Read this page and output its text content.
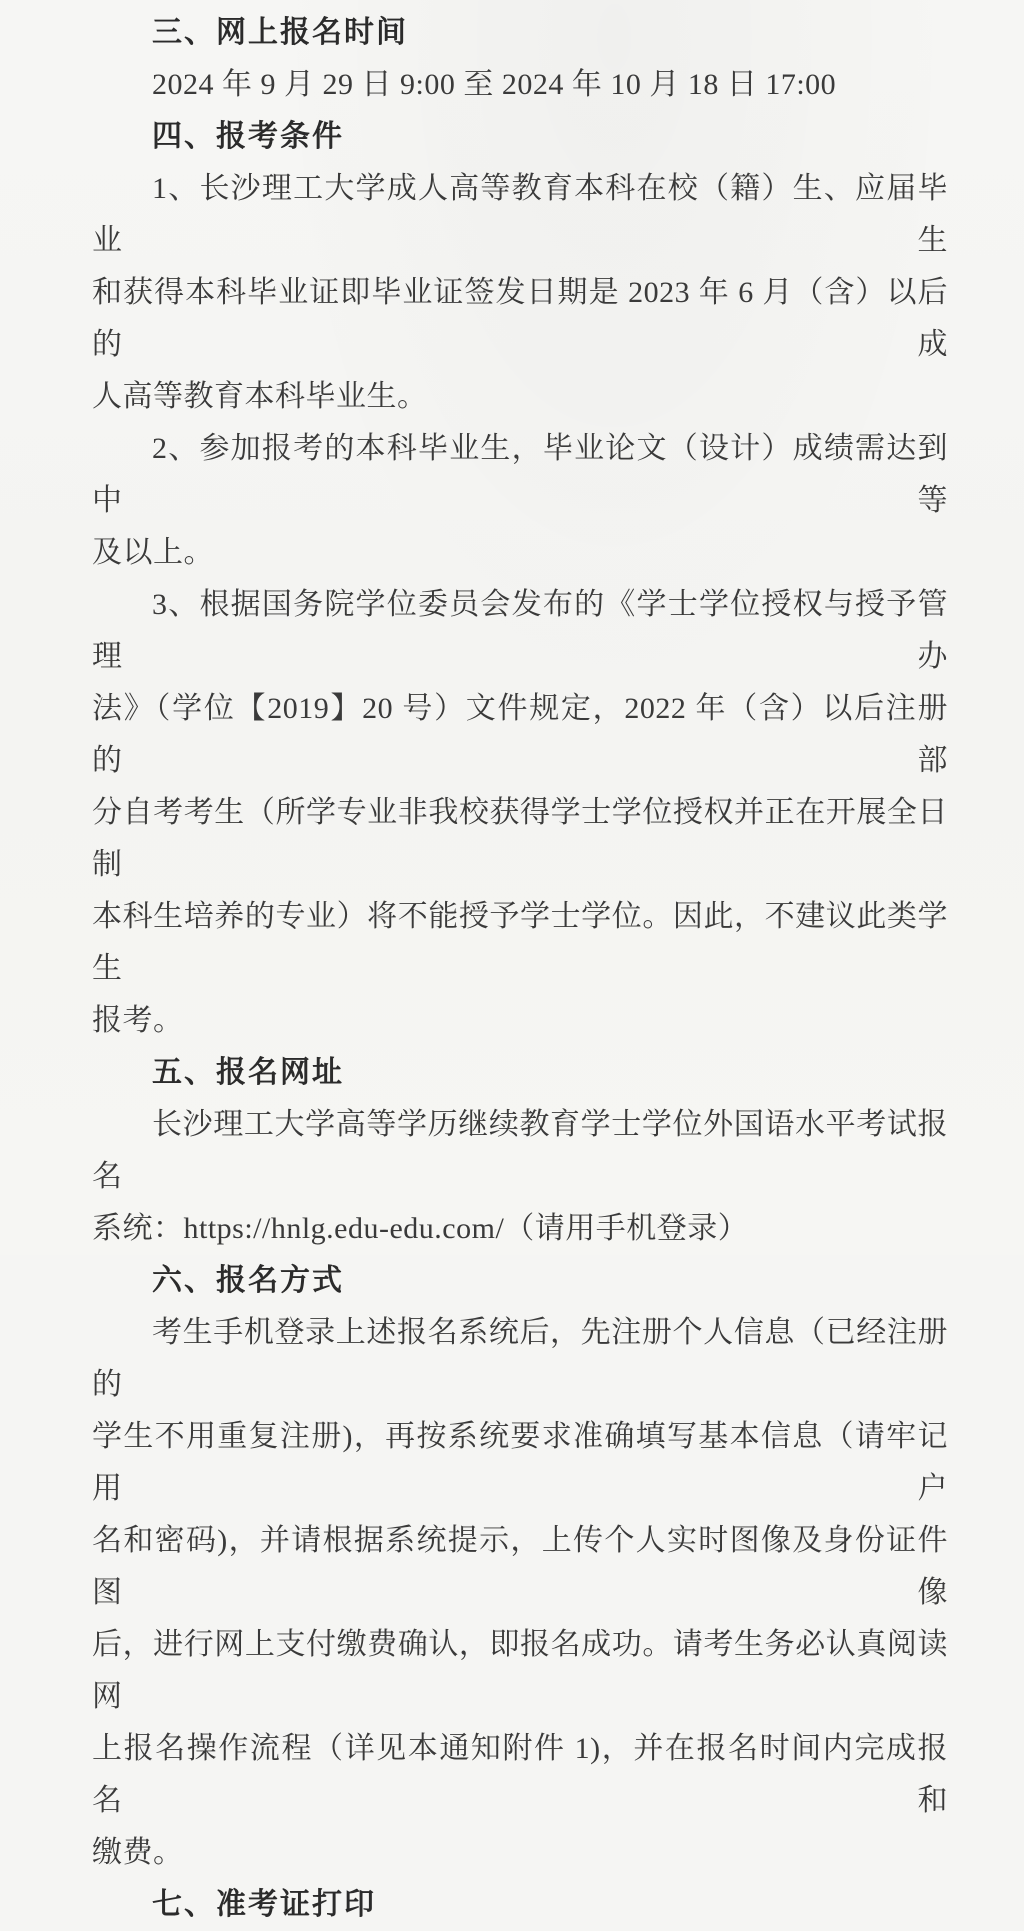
三、网上报名时间
2024 年 9 月 29 日 9:00 至 2024 年 10 月 18 日 17:00
四、报考条件
1、长沙理工大学成人高等教育本科在校（籍）生、应届毕业生
和获得本科毕业证即毕业证签发日期是 2023 年 6 月（含）以后的成
人高等教育本科毕业生。
2、参加报考的本科毕业生，毕业论文（设计）成绩需达到中等
及以上。
3、根据国务院学位委员会发布的《学士学位授权与授予管理办
法》（学位【2019】20 号）文件规定，2022 年（含）以后注册的部
分自考考生（所学专业非我校获得学士学位授权并正在开展全日制
本科生培养的专业）将不能授予学士学位。因此，不建议此类学生
报考。
五、报名网址
长沙理工大学高等学历继续教育学士学位外国语水平考试报名
系统：https://hnlg.edu-edu.com/（请用手机登录）
六、报名方式
考生手机登录上述报名系统后，先注册个人信息（已经注册的
学生不用重复注册)，再按系统要求准确填写基本信息（请牢记用户
名和密码)，并请根据系统提示，上传个人实时图像及身份证件图像
后，进行网上支付缴费确认，即报名成功。请考生务必认真阅读网
上报名操作流程（详见本通知附件 1)，并在报名时间内完成报名和
缴费。
七、准考证打印
